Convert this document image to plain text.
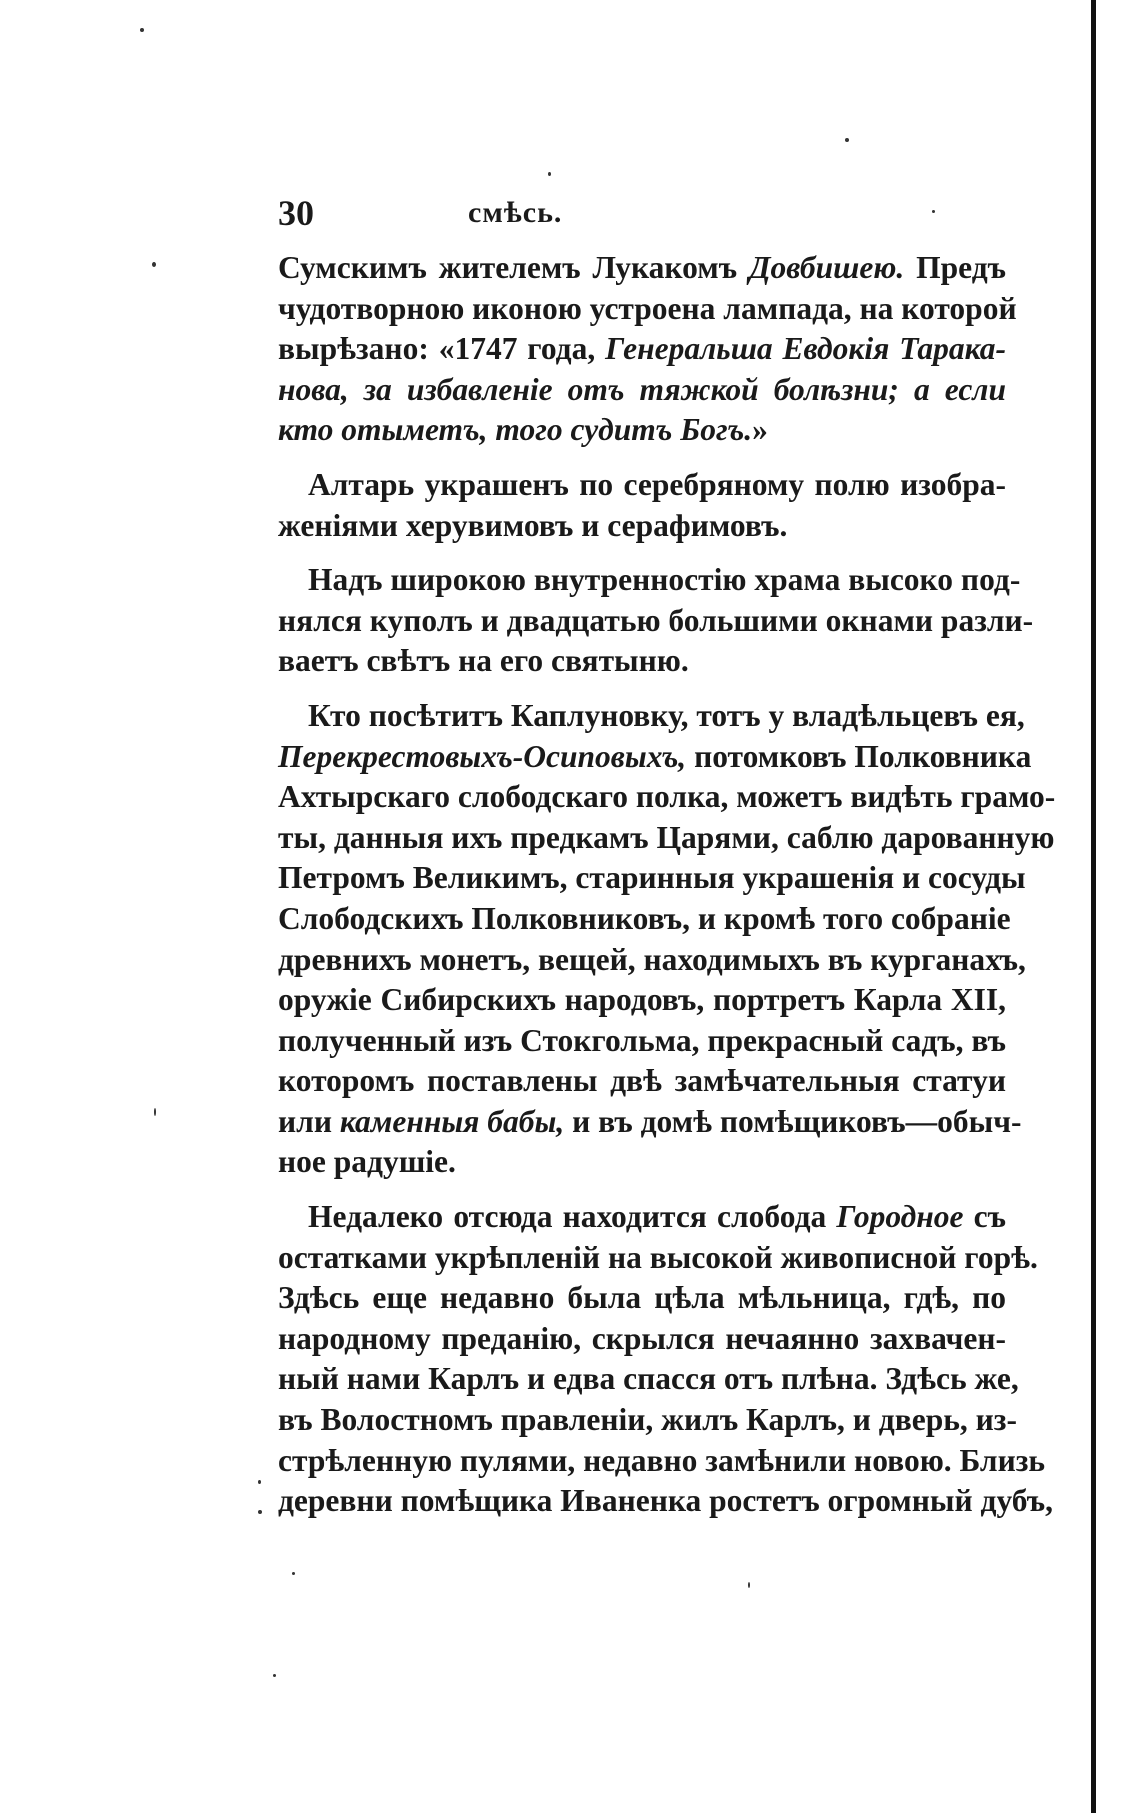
30	смѣсь.
Сумскимъ жителемъ Лукакомъ Довбишею. Предъ
чудотворною иконою устроена лампада, на которой
вырѣзано: «1747 года, Генеральша Евдокія Тарака-
нова, за избавленіе отъ тяжкой болѣзни; а если
кто отыметъ, того судитъ Богъ.»
Алтарь украшенъ по серебряному полю изобра-
женіями херувимовъ и серафимовъ.
Надъ широкою внутренностію храма высоко под-
нялся куполъ и двадцатью большими окнами разли-
ваетъ свѣтъ на его святыню.
Кто посѣтитъ Каплуновку, тотъ у владѣльцевъ ея,
Перекрестовыхъ-Осиповыхъ, потомковъ Полковника
Ахтырскаго слободскаго полка, можетъ видѣть грамо-
ты, данныя ихъ предкамъ Царями, саблю дарованную
Петромъ Великимъ, старинныя украшенія и сосуды
Слободскихъ Полковниковъ, и кромѣ того собраніе
древнихъ монетъ, вещей, находимыхъ въ курганахъ,
оружіе Сибирскихъ народовъ, портретъ Карла XII,
полученный изъ Стокгольма, прекрасный садъ, въ
которомъ поставлены двѣ замѣчательныя статуи
или каменныя бабы, и въ домѣ помѣщиковъ—обыч-
ное радушіе.
Недалеко отсюда находится слобода Городное съ
остатками укрѣпленій на высокой живописной горѣ.
Здѣсь еще недавно была цѣла мѣльница, гдѣ, по
народному преданію, скрылся нечаянно захвачен-
ный нами Карлъ и едва спасся отъ плѣна. Здѣсь же,
въ Волостномъ правленіи, жилъ Карлъ, и дверь, из-
стрѣленную пулями, недавно замѣнили новою. Близь
деревни помѣщика Иваненка ростетъ огромный дубъ,
